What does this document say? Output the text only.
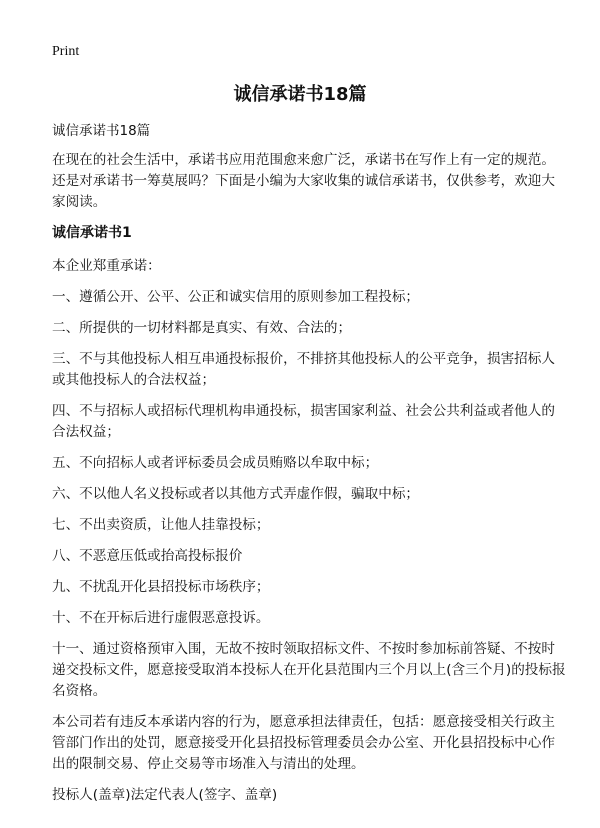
Print
诚信承诺书18篇
诚信承诺书18篇

在现在的社会生活中，承诺书应用范围愈来愈广泛，承诺书在写作上有一定的规范。还是对承诺书一筹莫展吗？下面是小编为大家收集的诚信承诺书，仅供参考，欢迎大家阅读。

诚信承诺书1

本企业郑重承诺：

一、遵循公开、公平、公正和诚实信用的原则参加工程投标；

二、所提供的一切材料都是真实、有效、合法的；

三、不与其他投标人相互串通投标报价，不排挤其他投标人的公平竞争，损害招标人或其他投标人的合法权益；

四、不与招标人或招标代理机构串通投标，损害国家利益、社会公共利益或者他人的合法权益；

五、不向招标人或者评标委员会成员贿赂以牟取中标；

六、不以他人名义投标或者以其他方式弄虚作假，骗取中标；

七、不出卖资质，让他人挂靠投标；

八、不恶意压低或抬高投标报价

九、不扰乱开化县招投标市场秩序；

十、不在开标后进行虚假恶意投诉。

十一、通过资格预审入围，无故不按时领取招标文件、不按时参加标前答疑、不按时递交投标文件，愿意接受取消本投标人在开化县范围内三个月以上(含三个月)的投标报名资格。

本公司若有违反本承诺内容的行为，愿意承担法律责任，包括：愿意接受相关行政主管部门作出的处罚，愿意接受开化县招投标管理委员会办公室、开化县招投标中心作出的限制交易、停止交易等市场准入与清出的处理。

投标人(盖章)法定代表人(签字、盖章)
